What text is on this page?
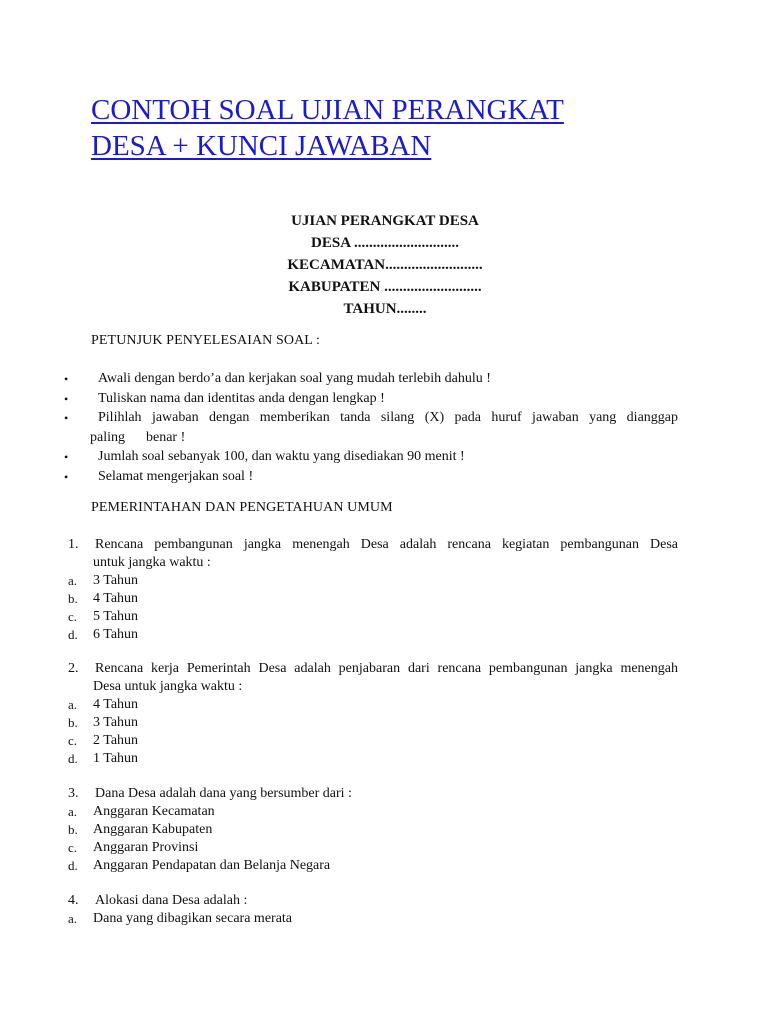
CONTOH SOAL UJIAN PERANGKAT
DESA + KUNCI JAWABAN
UJIAN PERANGKAT DESA
DESA ............................
KECAMATAN..........................
KABUPATEN ..........................
TAHUN........
PETUNJUK PENYELESAIAN SOAL :
•	Awali dengan berdo’a dan kerjakan soal yang mudah terlebih dahulu !
•	Tuliskan nama dan identitas anda dengan lengkap !
•	Pilihlah jawaban dengan memberikan tanda silang (X) pada huruf jawaban yang dianggap
paling      benar !
•	Jumlah soal sebanyak 100, dan waktu yang disediakan 90 menit !
•	Selamat mengerjakan soal !
PEMERINTAHAN DAN PENGETAHUAN UMUM
1.	Rencana pembangunan jangka menengah Desa adalah rencana kegiatan pembangunan Desa
untuk jangka waktu :
a.	3 Tahun
b.	4 Tahun
c.	5 Tahun
d.	6 Tahun
2.	Rencana kerja Pemerintah Desa adalah penjabaran dari rencana pembangunan jangka menengah
Desa untuk jangka waktu :
a.	4 Tahun
b.	3 Tahun
c.	2 Tahun
d.	1 Tahun
3.	Dana Desa adalah dana yang bersumber dari :
a.	Anggaran Kecamatan
b.	Anggaran Kabupaten
c.	Anggaran Provinsi
d.	Anggaran Pendapatan dan Belanja Negara
4.	Alokasi dana Desa adalah :
a.	Dana yang dibagikan secara merata
